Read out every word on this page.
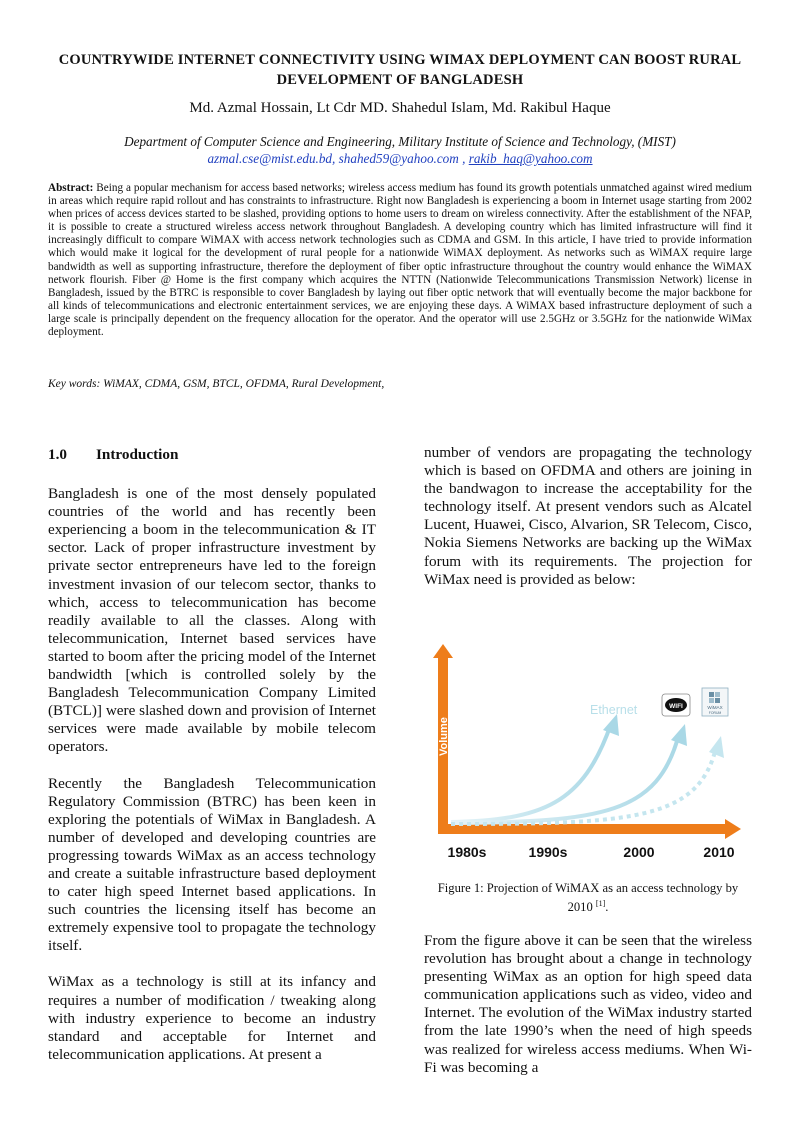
COUNTRYWIDE INTERNET CONNECTIVITY USING WIMAX DEPLOYMENT CAN BOOST RURAL
DEVELOPMENT OF BANGLADESH
Md. Azmal Hossain, Lt Cdr MD. Shahedul Islam, Md. Rakibul Haque
Department of Computer Science and Engineering, Military Institute of Science and Technology, (MIST)
azmal.cse@mist.edu.bd, shahed59@yahoo.com , rakib_haq@yahoo.com
Abstract: Being a popular mechanism for access based networks; wireless access medium has found its growth potentials unmatched against wired medium in areas which require rapid rollout and has constraints to infrastructure. Right now Bangladesh is experiencing a boom in Internet usage starting from 2002 when prices of access devices started to be slashed, providing options to home users to dream on wireless connectivity. After the establishment of the NFAP, it is possible to create a structured wireless access network throughout Bangladesh. A developing country which has limited infrastructure will find it increasingly difficult to compare WiMAX with access network technologies such as CDMA and GSM. In this article, I have tried to provide information which would make it logical for the development of rural people for a nationwide WiMAX deployment. As networks such as WiMAX require large bandwidth as well as supporting infrastructure, therefore the deployment of fiber optic infrastructure throughout the country would enhance the WiMAX network flourish. Fiber @ Home is the first company which acquires the NTTN (Nationwide Telecommunications Transmission Network) license in Bangladesh, issued by the BTRC is responsible to cover Bangladesh by laying out fiber optic network that will eventually become the major backbone for all kinds of telecommunications and electronic entertainment services, we are enjoying these days. A WiMAX based infrastructure deployment of such a large scale is principally dependent on the frequency allocation for the operator. And the operator will use 2.5GHz or 3.5GHz for the nationwide WiMax deployment.
Key words: WiMAX, CDMA, GSM, BTCL, OFDMA, Rural Development,

1.0 Introduction

Bangladesh is one of the most densely populated countries of the world and has recently been experiencing a boom in the telecommunication & IT sector. Lack of proper infrastructure investment by private sector entrepreneurs have led to the foreign investment invasion of our telecom sector, thanks to which, access to telecommunication has become readily available to all the classes. Along with telecommunication, Internet based services have started to boom after the pricing model of the Internet bandwidth [which is controlled solely by the Bangladesh Telecommunication Company Limited (BTCL)] were slashed down and provision of Internet services were made available by mobile telecom operators.

Recently the Bangladesh Telecommunication Regulatory Commission (BTRC) has been keen in exploring the potentials of WiMax in Bangladesh. A number of developed and developing countries are progressing towards WiMax as an access technology and create a suitable infrastructure based deployment to cater high speed Internet based applications. In such countries the licensing itself has become an extremely expensive tool to propagate the technology itself.

WiMax as a technology is still at its infancy and requires a number of modification / tweaking along with industry experience to become an industry standard and acceptable for Internet and telecommunication applications. At present a

number of vendors are propagating the technology which is based on OFDMA and others are joining in the bandwagon to increase the acceptability for the technology itself. At present vendors such as Alcatel Lucent, Huawei, Cisco, Alvarion, SR Telecom, Cisco, Nokia Siemens Networks are backing up the WiMax forum with its requirements. The projection for WiMax need is provided as below:

Volume
Ethernet	WIFI	WiMAX
FORUM
1980s	1990s	2000	2010
Figure 1: Projection of WiMAX as an access technology by 2010 [1].

From the figure above it can be seen that the wireless revolution has brought about a change in technology presenting WiMax as an option for high speed data communication applications such as video, video and Internet. The evolution of the WiMax industry started from the late 1990’s when the need of high speeds was realized for wireless access mediums. When Wi-Fi was becoming a
